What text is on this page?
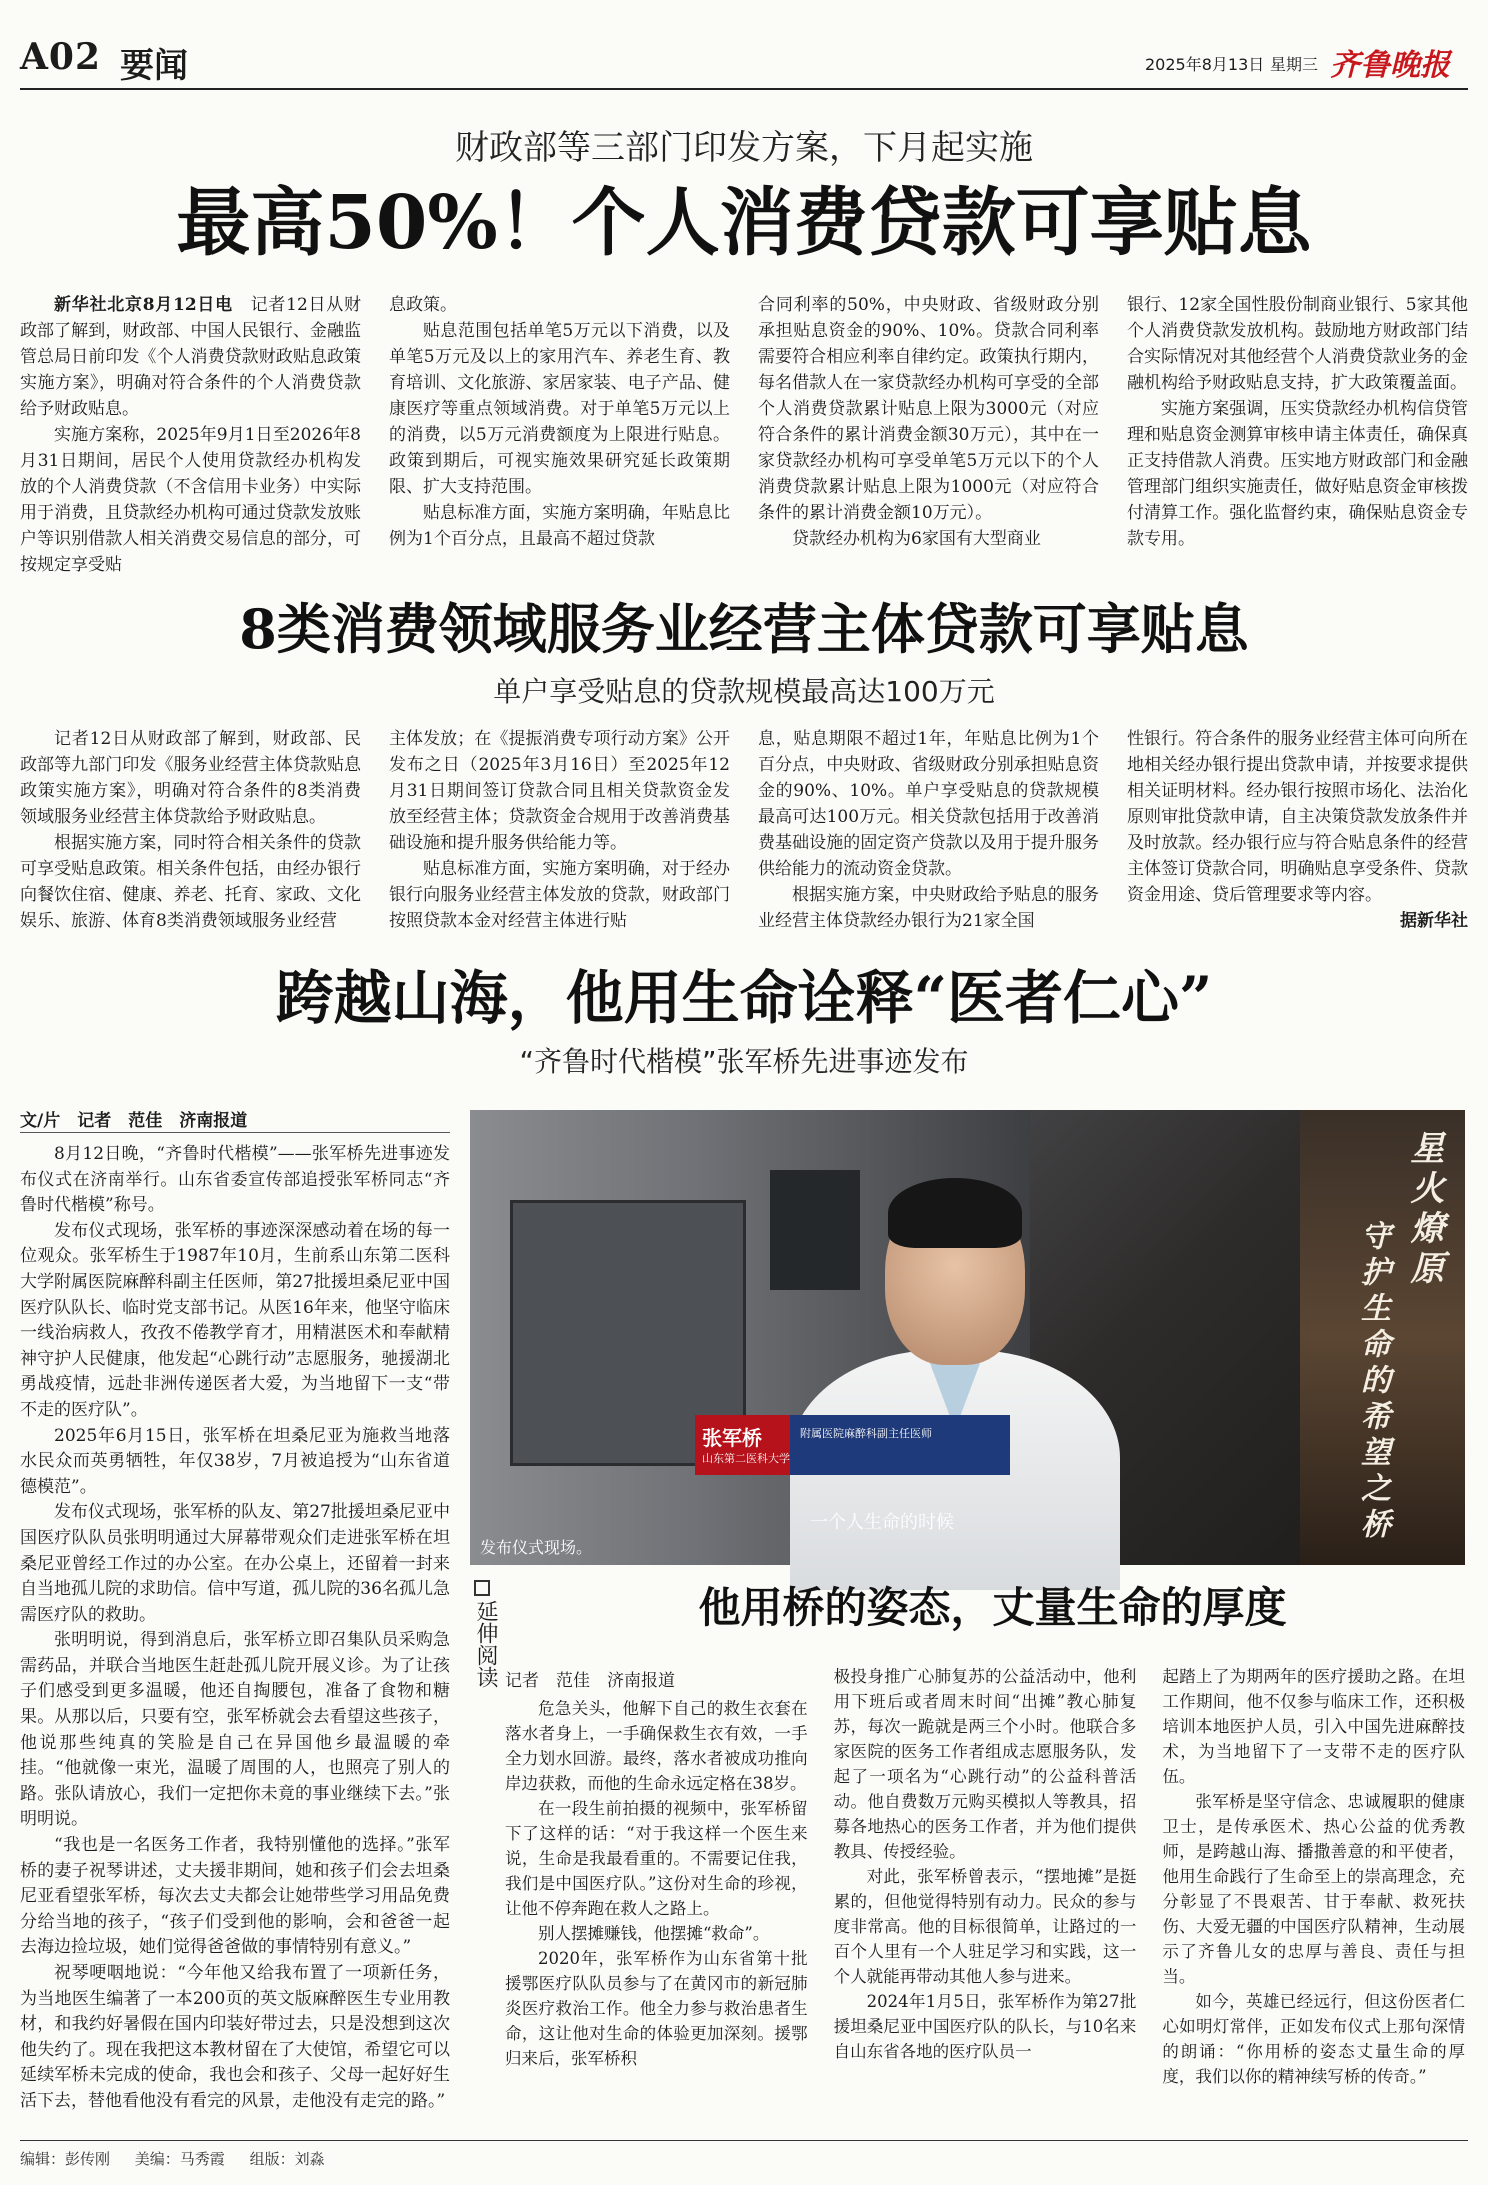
A02 要闻	2025年8月13日 星期三 齐鲁晚报
财政部等三部门印发方案，下月起实施
最高50%！个人消费贷款可享贴息

新华社北京8月12日电　 记者12日从财政部了解到，财政部、中国人民银行、金融监管总局日前印发《个人消费贷款财政贴息政策实施方案》，明确对符合条件的个人消费贷款给予财政贴息。

实施方案称，2025年9月1日至2026年8月31日期间，居民个人使用贷款经办机构发放的个人消费贷款（不含信用卡业务）中实际用于消费，且贷款经办机构可通过贷款发放账户等识别借款人相关消费交易信息的部分，可按规定享受贴

息政策。

贴息范围包括单笔5万元以下消费，以及单笔5万元及以上的家用汽车、养老生育、教育培训、文化旅游、家居家装、电子产品、健康医疗等重点领域消费。对于单笔5万元以上的消费，以5万元消费额度为上限进行贴息。政策到期后，可视实施效果研究延长政策期限、扩大支持范围。

贴息标准方面，实施方案明确，年贴息比例为1个百分点，且最高不超过贷款

合同利率的50%，中央财政、省级财政分别承担贴息资金的90%、10%。贷款合同利率需要符合相应利率自律约定。政策执行期内，每名借款人在一家贷款经办机构可享受的全部个人消费贷款累计贴息上限为3000元（对应符合条件的累计消费金额30万元），其中在一家贷款经办机构可享受单笔5万元以下的个人消费贷款累计贴息上限为1000元（对应符合条件的累计消费金额10万元）。

贷款经办机构为6家国有大型商业

银行、12家全国性股份制商业银行、5家其他个人消费贷款发放机构。鼓励地方财政部门结合实际情况对其他经营个人消费贷款业务的金融机构给予财政贴息支持，扩大政策覆盖面。

实施方案强调，压实贷款经办机构信贷管理和贴息资金测算审核申请主体责任，确保真正支持借款人消费。压实地方财政部门和金融管理部门组织实施责任，做好贴息资金审核拨付清算工作。强化监督约束，确保贴息资金专款专用。

8类消费领域服务业经营主体贷款可享贴息
单户享受贴息的贷款规模最高达100万元

记者12日从财政部了解到，财政部、民政部等九部门印发《服务业经营主体贷款贴息政策实施方案》，明确对符合条件的8类消费领域服务业经营主体贷款给予财政贴息。

根据实施方案，同时符合相关条件的贷款可享受贴息政策。相关条件包括，由经办银行向餐饮住宿、健康、养老、托育、家政、文化娱乐、旅游、体育8类消费领域服务业经营

主体发放；在《提振消费专项行动方案》公开发布之日（2025年3月16日）至2025年12月31日期间签订贷款合同且相关贷款资金发放至经营主体；贷款资金合规用于改善消费基础设施和提升服务供给能力等。

贴息标准方面，实施方案明确，对于经办银行向服务业经营主体发放的贷款，财政部门按照贷款本金对经营主体进行贴

息，贴息期限不超过1年，年贴息比例为1个百分点，中央财政、省级财政分别承担贴息资金的90%、10%。单户享受贴息的贷款规模最高可达100万元。相关贷款包括用于改善消费基础设施的固定资产贷款以及用于提升服务供给能力的流动资金贷款。

根据实施方案，中央财政给予贴息的服务业经营主体贷款经办银行为21家全国

性银行。符合条件的服务业经营主体可向所在地相关经办银行提出贷款申请，并按要求提供相关证明材料。经办银行按照市场化、法治化原则审批贷款申请，自主决策贷款发放条件并及时放款。经办银行应与符合贴息条件的经营主体签订贷款合同，明确贴息享受条件、贷款资金用途、贷后管理要求等内容。

据新华社

跨越山海，他用生命诠释“医者仁心”
“齐鲁时代楷模”张军桥先进事迹发布
文/片　记者　范佳　济南报道

8月12日晚，“齐鲁时代楷模”——张军桥先进事迹发布仪式在济南举行。山东省委宣传部追授张军桥同志“齐鲁时代楷模”称号。

发布仪式现场，张军桥的事迹深深感动着在场的每一位观众。张军桥生于1987年10月，生前系山东第二医科大学附属医院麻醉科副主任医师，第27批援坦桑尼亚中国医疗队队长、临时党支部书记。从医16年来，他坚守临床一线治病救人，孜孜不倦教学育才，用精湛医术和奉献精神守护人民健康，他发起“心跳行动”志愿服务，驰援湖北勇战疫情，远赴非洲传递医者大爱，为当地留下一支“带不走的医疗队”。

2025年6月15日，张军桥在坦桑尼亚为施救当地落水民众而英勇牺牲，年仅38岁，7月被追授为“山东省道德模范”。

发布仪式现场，张军桥的队友、第27批援坦桑尼亚中国医疗队队员张明明通过大屏幕带观众们走进张军桥在坦桑尼亚曾经工作过的办公室。在办公桌上，还留着一封来自当地孤儿院的求助信。信中写道，孤儿院的36名孤儿急需医疗队的救助。

张明明说，得到消息后，张军桥立即召集队员采购急需药品，并联合当地医生赶赴孤儿院开展义诊。为了让孩子们感受到更多温暖，他还自掏腰包，准备了食物和糖果。从那以后，只要有空，张军桥就会去看望这些孩子，他说那些纯真的笑脸是自己在异国他乡最温暖的牵挂。“他就像一束光，温暖了周围的人，也照亮了别人的路。张队请放心，我们一定把你未竟的事业继续下去。”张明明说。

“我也是一名医务工作者，我特别懂他的选择。”张军桥的妻子祝琴讲述，丈夫援非期间，她和孩子们会去坦桑尼亚看望张军桥，每次去丈夫都会让她带些学习用品免费分给当地的孩子，“孩子们受到他的影响，会和爸爸一起去海边捡垃圾，她们觉得爸爸做的事情特别有意义。”

祝琴哽咽地说：“今年他又给我布置了一项新任务，为当地医生编著了一本200页的英文版麻醉医生专业用教材，和我约好暑假在国内印装好带过去，只是没想到这次他失约了。现在我把这本教材留在了大使馆，希望它可以延续军桥未完成的使命，我也会和孩子、父母一起好好生活下去，替他看他没有看完的风景，走他没有走完的路。”

张军桥
山东第二医科大学
附属医院麻醉科副主任医师
一个人生命的时候
发布仪式现场。
星火燎原
守护生命的希望之桥
延伸阅读	他用桥的姿态，丈量生命的厚度
记者　范佳　济南报道

危急关头，他解下自己的救生衣套在落水者身上，一手确保救生衣有效，一手全力划水回游。最终，落水者被成功推向岸边获救，而他的生命永远定格在38岁。

在一段生前拍摄的视频中，张军桥留下了这样的话：“对于我这样一个医生来说，生命是我最看重的。不需要记住我，我们是中国医疗队。”这份对生命的珍视，让他不停奔跑在救人之路上。

别人摆摊赚钱，他摆摊“救命”。

2020年，张军桥作为山东省第十批援鄂医疗队队员参与了在黄冈市的新冠肺炎医疗救治工作。他全力参与救治患者生命，这让他对生命的体验更加深刻。援鄂归来后，张军桥积

极投身推广心肺复苏的公益活动中，他利用下班后或者周末时间“出摊”教心肺复苏，每次一跪就是两三个小时。他联合多家医院的医务工作者组成志愿服务队，发起了一项名为“心跳行动”的公益科普活动。他自费数万元购买模拟人等教具，招募各地热心的医务工作者，并为他们提供教具、传授经验。

对此，张军桥曾表示，“摆地摊”是挺累的，但他觉得特别有动力。民众的参与度非常高。他的目标很简单，让路过的一百个人里有一个人驻足学习和实践，这一个人就能再带动其他人参与进来。

2024年1月5日，张军桥作为第27批援坦桑尼亚中国医疗队的队长，与10名来自山东省各地的医疗队员一

起踏上了为期两年的医疗援助之路。在坦工作期间，他不仅参与临床工作，还积极培训本地医护人员，引入中国先进麻醉技术，为当地留下了一支带不走的医疗队伍。

张军桥是坚守信念、忠诚履职的健康卫士，是传承医术、热心公益的优秀教师，是跨越山海、播撒善意的和平使者，他用生命践行了生命至上的崇高理念，充分彰显了不畏艰苦、甘于奉献、救死扶伤、大爱无疆的中国医疗队精神，生动展示了齐鲁儿女的忠厚与善良、责任与担当。

如今，英雄已经远行，但这份医者仁心如明灯常伴，正如发布仪式上那句深情的朗诵：“你用桥的姿态丈量生命的厚度，我们以你的精神续写桥的传奇。”

编辑：彭传刚 美编：马秀霞 组版：刘淼
